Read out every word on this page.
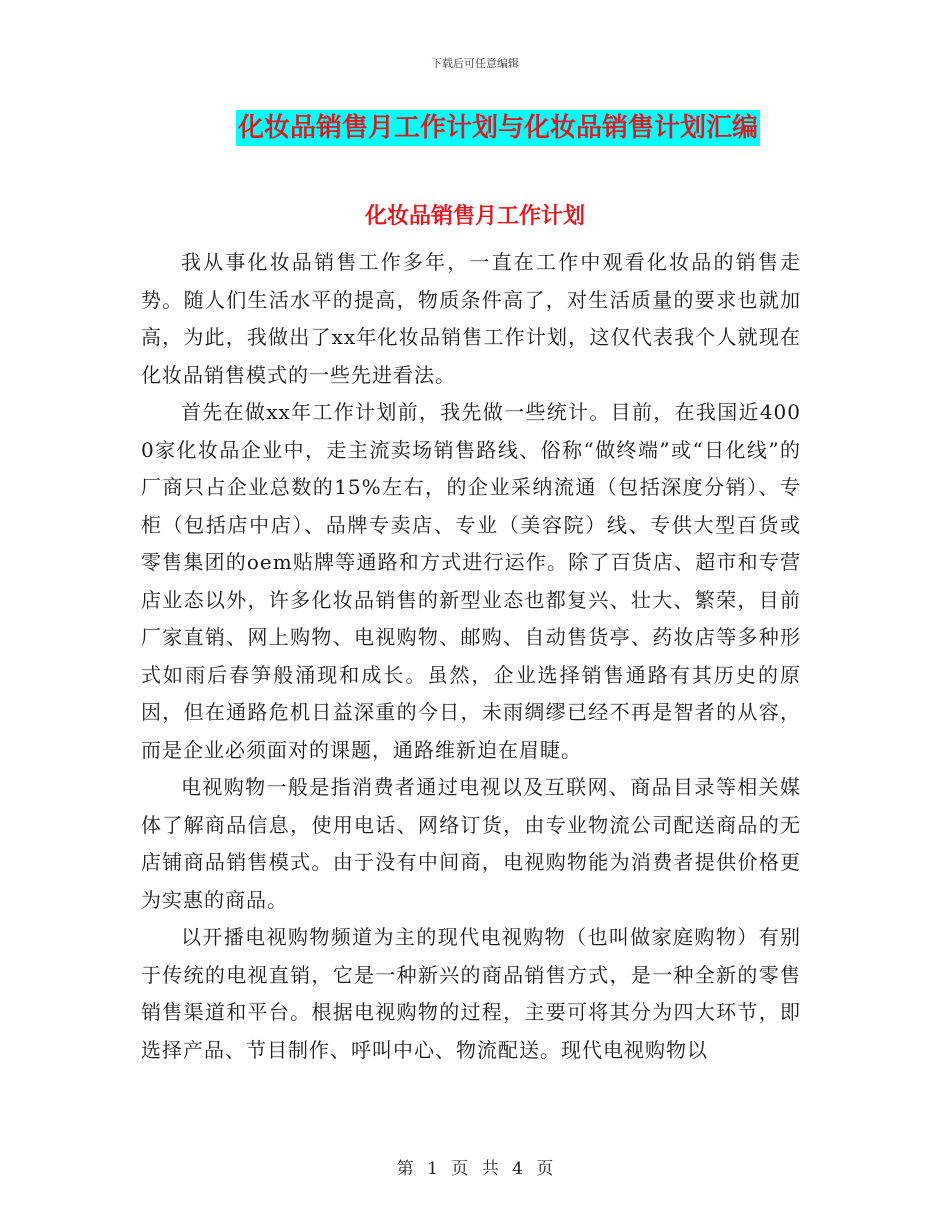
下载后可任意编辑
化妆品销售月工作计划与化妆品销售计划汇编
化妆品销售月工作计划

我从事化妆品销售工作多年，一直在工作中观看化妆品的销售走势。随人们生活水平的提高，物质条件高了，对生活质量的要求也就加高，为此，我做出了xx年化妆品销售工作计划，这仅代表我个人就现在化妆品销售模式的一些先进看法。

首先在做xx年工作计划前，我先做一些统计。目前，在我国近4000家化妆品企业中，走主流卖场销售路线、俗称“做终端”或“日化线”的厂商只占企业总数的15%左右，的企业采纳流通（包括深度分销）、专柜（包括店中店）、品牌专卖店、专业（美容院）线、专供大型百货或零售集团的oem贴牌等通路和方式进行运作。除了百货店、超市和专营店业态以外，许多化妆品销售的新型业态也都复兴、壮大、繁荣，目前厂家直销、网上购物、电视购物、邮购、自动售货亭、药妆店等多种形式如雨后春笋般涌现和成长。虽然，企业选择销售通路有其历史的原因，但在通路危机日益深重的今日，未雨绸缪已经不再是智者的从容，而是企业必须面对的课题，通路维新迫在眉睫。

电视购物一般是指消费者通过电视以及互联网、商品目录等相关媒体了解商品信息，使用电话、网络订货，由专业物流公司配送商品的无店铺商品销售模式。由于没有中间商，电视购物能为消费者提供价格更为实惠的商品。

以开播电视购物频道为主的现代电视购物（也叫做家庭购物）有别于传统的电视直销，它是一种新兴的商品销售方式，是一种全新的零售销售渠道和平台。根据电视购物的过程，主要可将其分为四大环节，即选择产品、节目制作、呼叫中心、物流配送。现代电视购物以

第 1 页 共 4 页
